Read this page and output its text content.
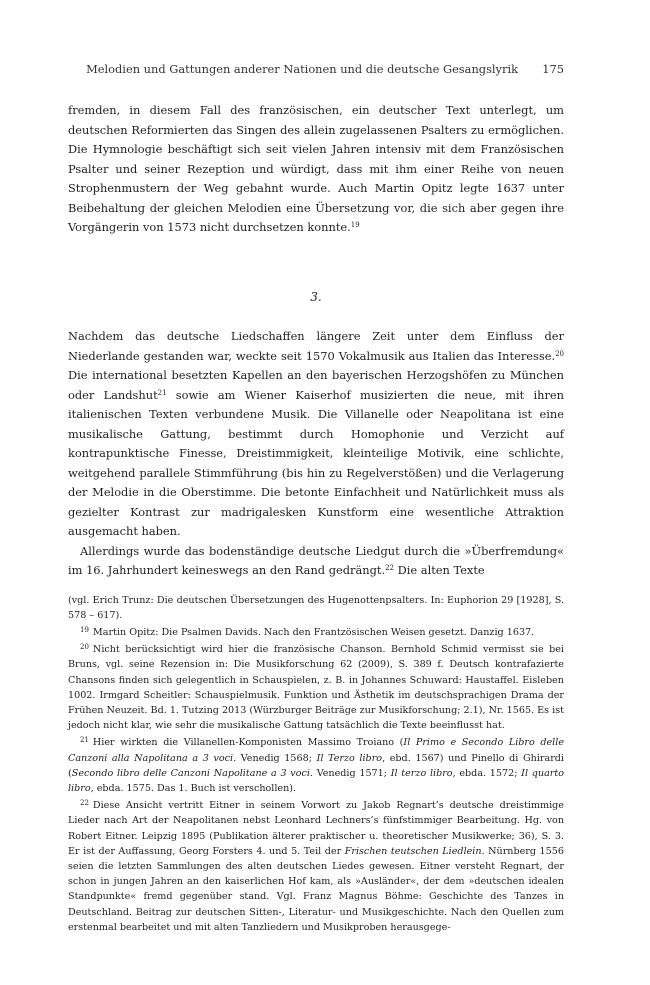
Melodien und Gattungen anderer Nationen und die deutsche Gesangslyrik 175

fremden, in diesem Fall des französischen, ein deutscher Text unterlegt, um deutschen Reformierten das Singen des allein zugelassenen Psalters zu ermöglichen. Die Hymnologie beschäftigt sich seit vielen Jahren intensiv mit dem Französischen Psalter und seiner Rezeption und würdigt, dass mit ihm einer Reihe von neuen Strophenmustern der Weg gebahnt wurde. Auch Martin Opitz legte 1637 unter Beibehaltung der gleichen Melodien eine Übersetzung vor, die sich aber gegen ihre Vorgängerin von 1573 nicht durchsetzen konnte.$^{19}$

3.

Nachdem das deutsche Liedschaffen längere Zeit unter dem Einfluss der Niederlande gestanden war, weckte seit 1570 Vokalmusik aus Italien das Interesse.$^{20}$ Die international besetzten Kapellen an den bayerischen Herzogshöfen zu München oder Landshut$^{21}$ sowie am Wiener Kaiserhof musizierten die neue, mit ihren italienischen Texten verbundene Musik. Die Villanelle oder Neapolitana ist eine musikalische Gattung, bestimmt durch Homophonie und Verzicht auf kontrapunktische Finesse, Dreistimmigkeit, kleinteilige Motivik, eine schlichte, weitgehend parallele Stimmführung (bis hin zu Regelverstößen) und die Verlagerung der Melodie in die Oberstimme. Die betonte Einfachheit und Natürlichkeit muss als gezielter Kontrast zur madrigalesken Kunstform eine wesentliche Attraktion ausgemacht haben.

Allerdings wurde das bodenständige deutsche Liedgut durch die »Überfremdung« im 16. Jahrhundert keineswegs an den Rand gedrängt.$^{22}$ Die alten Texte

(vgl. Erich Trunz: Die deutschen Übersetzungen des Hugenottenpsalters. In: Euphorion 29 [1928], S. 578 – 617).

$^{19}$ Martin Opitz: Die Psalmen Davids. Nach den Frantzösischen Weisen gesetzt. Danzig 1637.

$^{20}$ Nicht berücksichtigt wird hier die französische Chanson. Bernhold Schmid vermisst sie bei Bruns, vgl. seine Rezension in: Die Musikforschung 62 (2009), S. 389 f. Deutsch kontrafazierte Chansons finden sich gelegentlich in Schauspielen, z. B. in Johannes Schuward: Haustaffel. Eisleben 1002. Irmgard Scheitler: Schauspielmusik. Funktion und Ästhetik im deutschsprachigen Drama der Frühen Neuzeit. Bd. 1. Tutzing 2013 (Würzburger Beiträge zur Musikforschung; 2.1), Nr. 1565. Es ist jedoch nicht klar, wie sehr die musikalische Gattung tatsächlich die Texte beeinflusst hat.

$^{21}$ Hier wirkten die Villanellen-Komponisten Massimo Troiano (Il Primo e Secondo Libro delle Canzoni alla Napolitana a 3 voci. Venedig 1568; Il Terzo libro, ebd. 1567) und Pinello di Ghirardi (Secondo libro delle Canzoni Napolitane a 3 voci. Venedig 1571; Il terzo libro, ebda. 1572; Il quarto libro, ebda. 1575. Das 1. Buch ist verschollen).

$^{22}$ Diese Ansicht vertritt Eitner in seinem Vorwort zu Jakob Regnart’s deutsche dreistimmige Lieder nach Art der Neapolitanen nebst Leonhard Lechners’s fünfstimmiger Bearbeitung. Hg. von Robert Eitner. Leipzig 1895 (Publikation älterer praktischer u. theoretischer Musikwerke; 36), S. 3. Er ist der Auffassung, Georg Forsters 4. und 5. Teil der Frischen teutschen Liedlein. Nürnberg 1556 seien die letzten Sammlungen des alten deutschen Liedes gewesen. Eitner versteht Regnart, der schon in jungen Jahren an den kaiserlichen Hof kam, als »Ausländer«, der dem »deutschen idealen Standpunkte« fremd gegenüber stand. Vgl. Franz Magnus Böhme: Geschichte des Tanzes in Deutschland. Beitrag zur deutschen Sitten-, Literatur- und Musikgeschichte. Nach den Quellen zum erstenmal bearbeitet und mit alten Tanzliedern und Musikproben herausgege-
